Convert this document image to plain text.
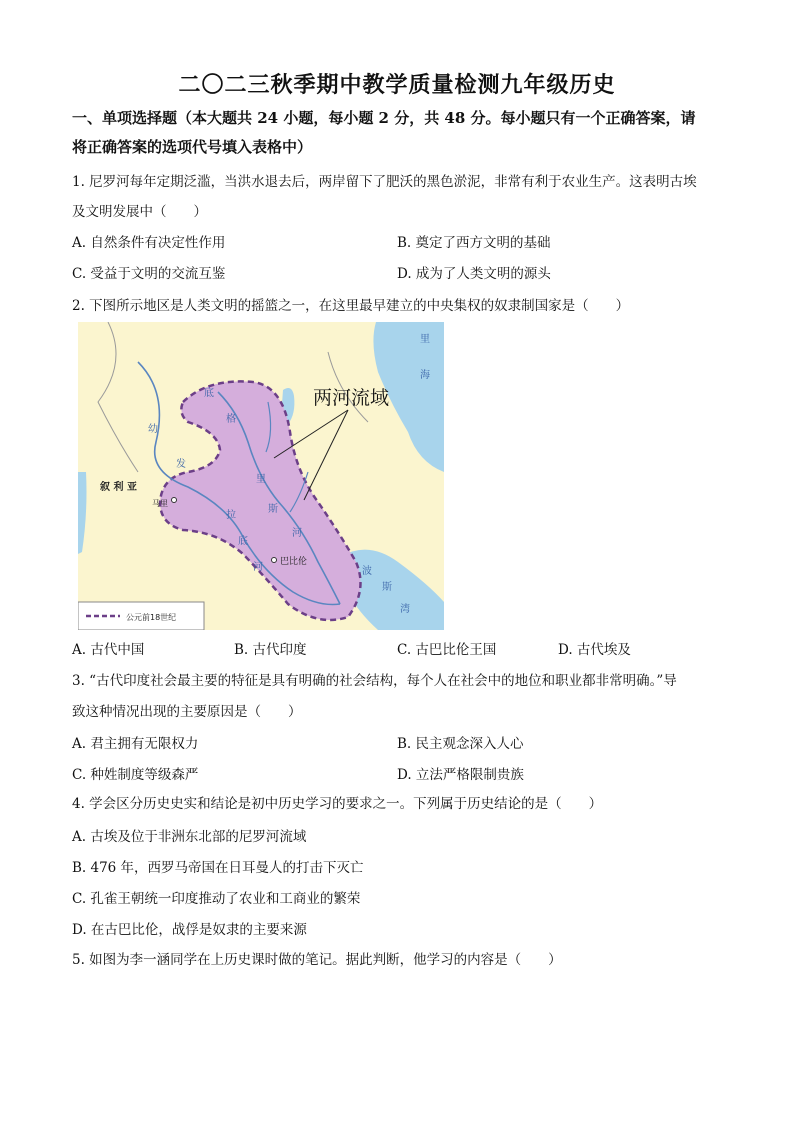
二〇二三秋季期中教学质量检测九年级历史
一、单项选择题（本大题共 24 小题，每小题 2 分，共 48 分。每小题只有一个正确答案，请
将正确答案的选项代号填入表格中）
1. 尼罗河每年定期泛滥，当洪水退去后，两岸留下了肥沃的黑色淤泥，非常有利于农业生产。这表明古埃
及文明发展中（　　）
A. 自然条件有决定性作用	B. 奠定了西方文明的基础
C. 受益于文明的交流互鉴	D. 成为了人类文明的源头
2. 下图所示地区是人类文明的摇篮之一，在这里最早建立的中央集权的奴隶制国家是（　　）
两河流域
叙 利 亚
马里
巴比伦
幼
发
拉
底
河
底
格
里
斯
河
里
海
波
斯
湾
公元前18世纪
A. 古代中国	B. 古代印度	C. 古巴比伦王国	D. 古代埃及
3. “古代印度社会最主要的特征是具有明确的社会结构，每个人在社会中的地位和职业都非常明确。”导
致这种情况出现的主要原因是（　　）
A. 君主拥有无限权力	B. 民主观念深入人心
C. 种姓制度等级森严	D. 立法严格限制贵族
4. 学会区分历史史实和结论是初中历史学习的要求之一。下列属于历史结论的是（　　）
A. 古埃及位于非洲东北部的尼罗河流域
B. 476 年，西罗马帝国在日耳曼人的打击下灭亡
C. 孔雀王朝统一印度推动了农业和工商业的繁荣
D. 在古巴比伦，战俘是奴隶的主要来源
5. 如图为李一涵同学在上历史课时做的笔记。据此判断，他学习的内容是（　　）
